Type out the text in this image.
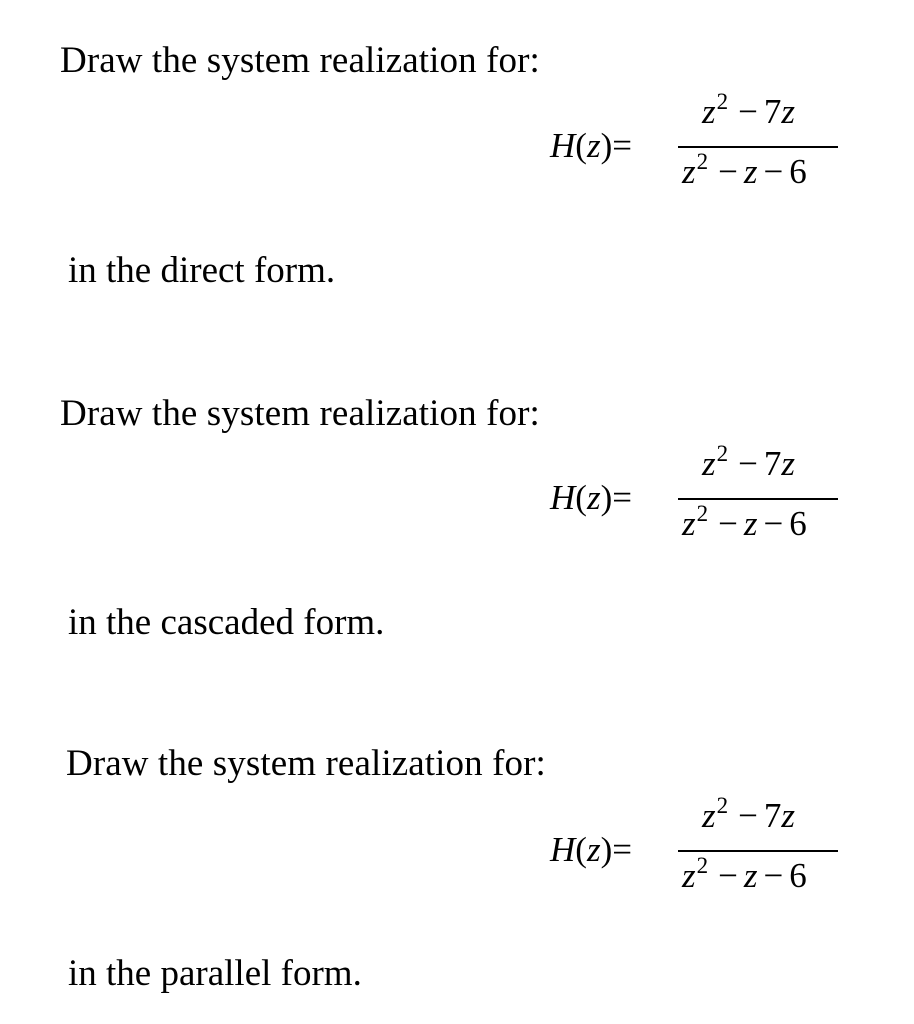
Draw the system realization for:
H(z)=
$z^2 - 7z$
$z^2 - z - 6$
in the direct form.
Draw the system realization for:
H(z)=
$z^2 - 7z$
$z^2 - z - 6$
in the cascaded form.
Draw the system realization for:
H(z)=
$z^2 - 7z$
$z^2 - z - 6$
in the parallel form.
